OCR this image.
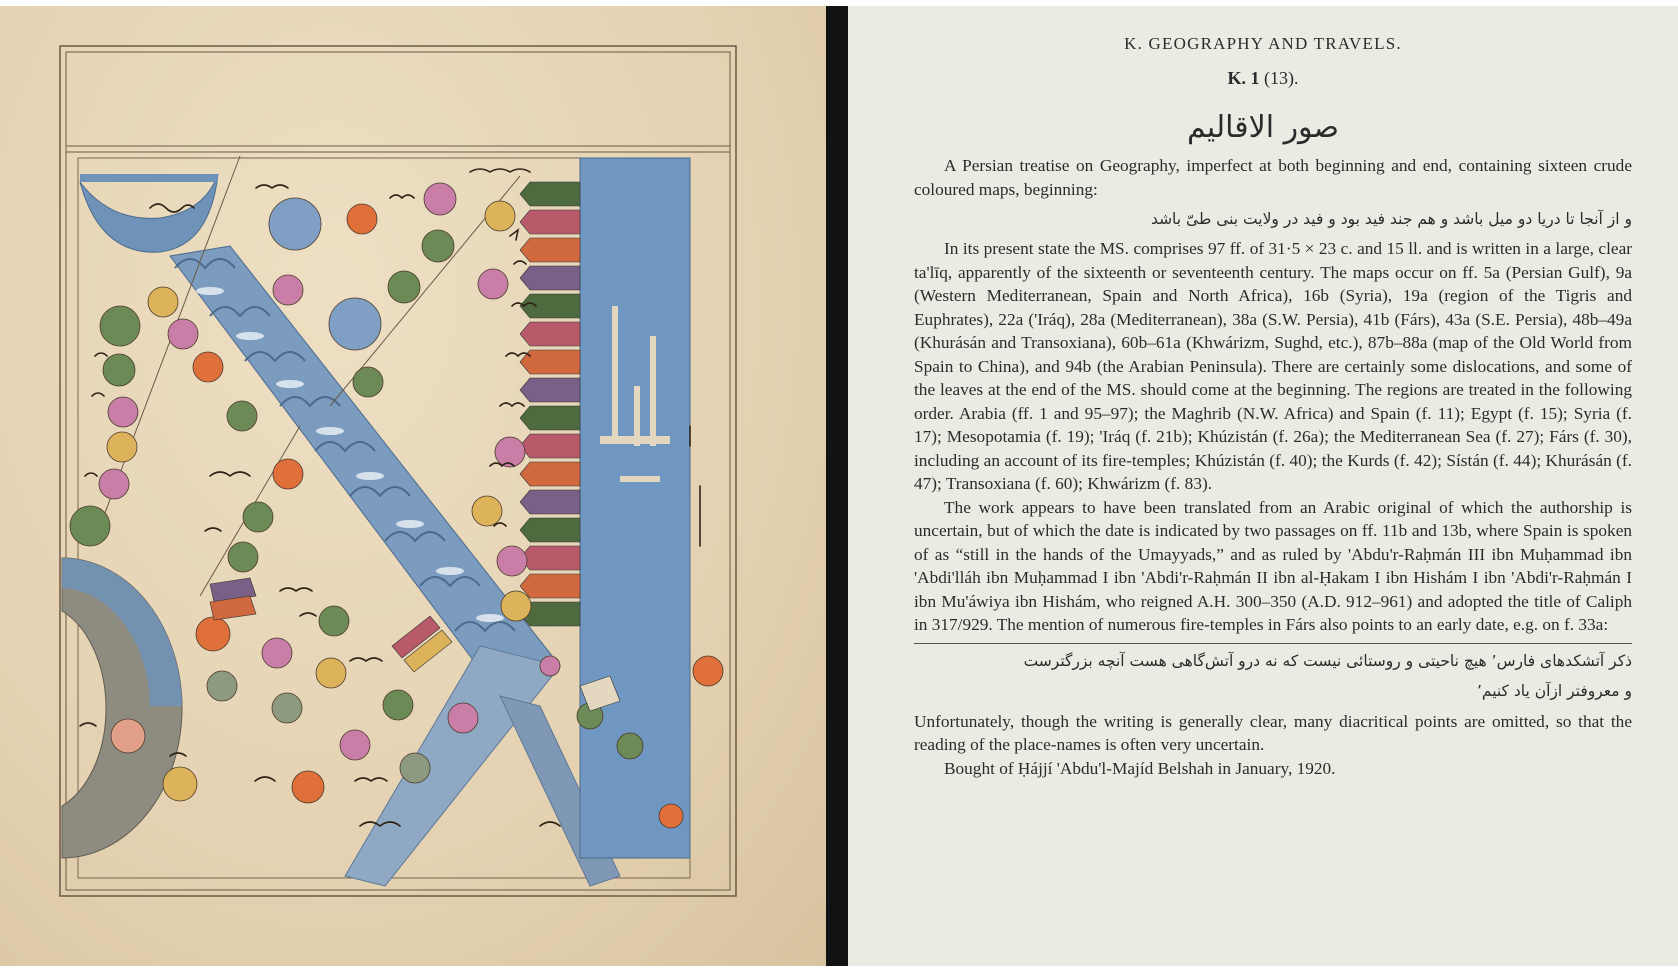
K. GEOGRAPHY AND TRAVELS.
K. 1 (13).
صور الاقاليم

A Persian treatise on Geography, imperfect at both beginning and end, containing sixteen crude coloured maps, beginning:

و از آنجا تا دریا دو میل باشد و هم جند فید بود و فید در ولایت بنی طیّ باشد

In its present state the MS. comprises 97 ff. of 31·5 × 23 c. and 15 ll. and is written in a large, clear ta'līq, apparently of the sixteenth or seventeenth century. The maps occur on ff. 5a (Persian Gulf), 9a (Western Mediterranean, Spain and North Africa), 16b (Syria), 19a (region of the Tigris and Euphrates), 22a ('Iráq), 28a (Mediterranean), 38a (S.W. Persia), 41b (Fárs), 43a (S.E. Persia), 48b–49a (Khurásán and Transoxiana), 60b–61a (Khwárizm, Sughd, etc.), 87b–88a (map of the Old World from Spain to China), and 94b (the Arabian Peninsula). There are certainly some dislocations, and some of the leaves at the end of the MS. should come at the beginning. The regions are treated in the following order. Arabia (ff. 1 and 95–97); the Maghrib (N.W. Africa) and Spain (f. 11); Egypt (f. 15); Syria (f. 17); Mesopotamia (f. 19); 'Iráq (f. 21b); Khúzistán (f. 26a); the Mediterranean Sea (f. 27); Fárs (f. 30), including an account of its fire-temples; Khúzistán (f. 40); the Kurds (f. 42); Sístán (f. 44); Khurásán (f. 47); Transoxiana (f. 60); Khwárizm (f. 83).

The work appears to have been translated from an Arabic original of which the authorship is uncertain, but of which the date is indicated by two passages on ff. 11b and 13b, where Spain is spoken of as “still in the hands of the Umayyads,” and as ruled by 'Abdu'r-Raḥmán III ibn Muḥammad ibn 'Abdi'lláh ibn Muḥammad I ibn 'Abdi'r-Raḥmán II ibn al-Ḥakam I ibn Hishám I ibn 'Abdi'r-Raḥmán I ibn Mu'áwiya ibn Hishám, who reigned A.H. 300–350 (A.D. 912–961) and adopted the title of Caliph in 317/929. The mention of numerous fire-temples in Fárs also points to an early date, e.g. on f. 33a:

ذکر آتشکدهای فارس٬ هیچ ناحیتی و روستائی نیست که نه درو آتش‌گاهی هست آنچه بزرگترست
و معروفتر ازآن یاد کنیم٬

Unfortunately, though the writing is generally clear, many diacritical points are omitted, so that the reading of the place-names is often very uncertain.

Bought of Ḥájjí 'Abdu'l-Majíd Belshah in January, 1920.
